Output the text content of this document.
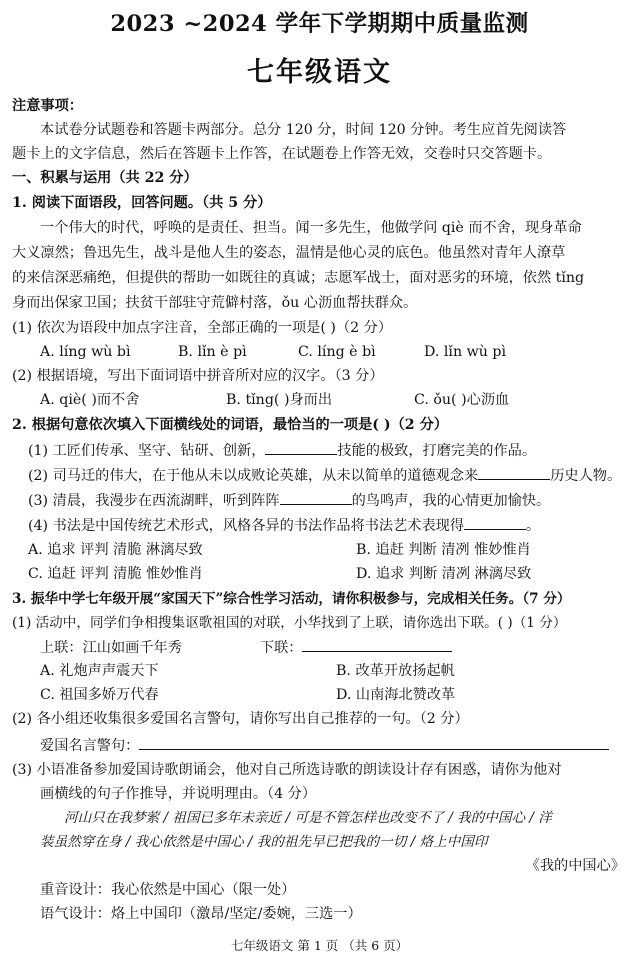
2023 ~2024 学年下学期期中质量监测
七年级语文
注意事项：
本试卷分试题卷和答题卡两部分。总分 120 分，时间 120 分钟。考生应首先阅读答
题卡上的文字信息，然后在答题卡上作答，在试题卷上作答无效，交卷时只交答题卡。
一、积累与运用（共 22 分）
1. 阅读下面语段，回答问题。（共 5 分）
一个伟大的时代，呼唤的是责任、担当。闻一多先生，他做学问 qiè 而不舍，现身革命
大义凛然；鲁迅先生，战斗是他人生的姿态，温情是他心灵的底色。他虽然对青年人潦草
的来信深恶痛绝，但提供的帮助一如既往的真诚；志愿军战士，面对恶劣的环境，依然 tǐng
身而出保家卫国；扶贫干部驻守荒僻村落，ǒu 心沥血帮扶群众。
(1) 依次为语段中加点字注音，全部正确的一项是( )（2 分）
A. líng wù bì	B. lǐn è pì	C. líng è bì	D. lǐn wù pì
(2) 根据语境，写出下面词语中拼音所对应的汉字。（3 分）
A. qiè( )而不舍	B. tǐng( )身而出	C. ǒu( )心沥血
2. 根据句意依次填入下面横线处的词语，最恰当的一项是( )（2 分）
(1) 工匠们传承、坚守、钻研、创新，	技能的极致，打磨完美的作品。
(2) 司马迁的伟大，在于他从未以成败论英雄，从未以简单的道德观念来	历史人物。
(3) 清晨，我漫步在西流湖畔，听到阵阵	的鸟鸣声，我的心情更加愉快。
(4) 书法是中国传统艺术形式，风格各异的书法作品将书法艺术表现得	。
A. 追求 评判 清脆 淋漓尽致	B. 追赶 判断 清冽 惟妙惟肖
C. 追赶 评判 清脆 惟妙惟肖	D. 追求 判断 清冽 淋漓尽致
3. 振华中学七年级开展“家国天下”综合性学习活动，请你积极参与，完成相关任务。（7 分）
(1) 活动中，同学们争相搜集讴歌祖国的对联，小华找到了上联，请你选出下联。( )（1 分）
上联：江山如画千年秀	下联：
A. 礼炮声声震天下	B. 改革开放扬起帆
C. 祖国多娇万代春	D. 山南海北赞改革
(2) 各小组还收集很多爱国名言警句，请你写出自己推荐的一句。（2 分）
爱国名言警句：
(3) 小语准备参加爱国诗歌朗诵会，他对自己所选诗歌的朗读设计存有困惑，请你为他对
画横线的句子作推导，并说明理由。（4 分）
河山只在我梦萦 / 祖国已多年未亲近 / 可是不管怎样也改变不了 / 我的中国心 / 洋
装虽然穿在身 / 我心依然是中国心 / 我的祖先早已把我的一切 / 烙上中国印
《我的中国心》
重音设计：我心依然是中国心（限一处）
语气设计：烙上中国印（激昂/坚定/委婉，三选一）
七年级语文 第 1 页 （共 6 页）
